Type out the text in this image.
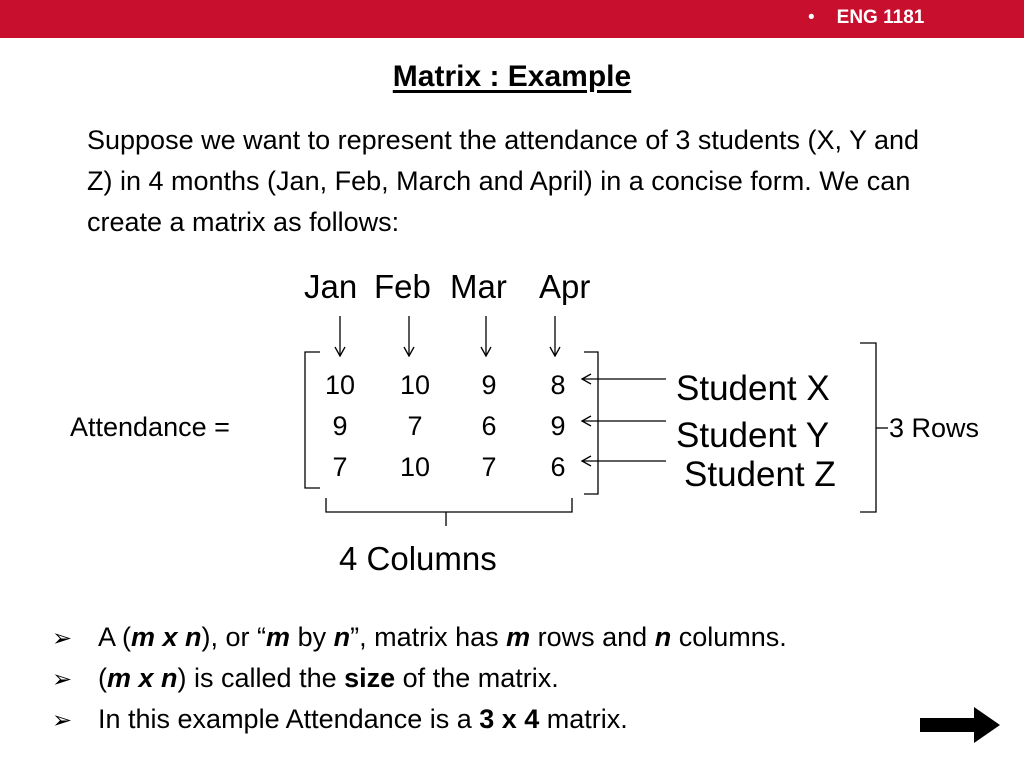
• ENG 1181
Matrix : Example
Suppose we want to represent the attendance of 3 students (X, Y and Z) in 4 months (Jan, Feb, March and April) in a concise form. We can create a matrix as follows:
Jan Feb Mar Apr
Attendance =
10	10	9	8
9	7	6	9
7	10	7	6
Student X
Student Y
Student Z
3 Rows
4 Columns
➢ A (m x n), or “m by n”, matrix has m rows and n columns.
➢ (m x n) is called the size of the matrix.
➢ In this example Attendance is a 3 x 4 matrix.
